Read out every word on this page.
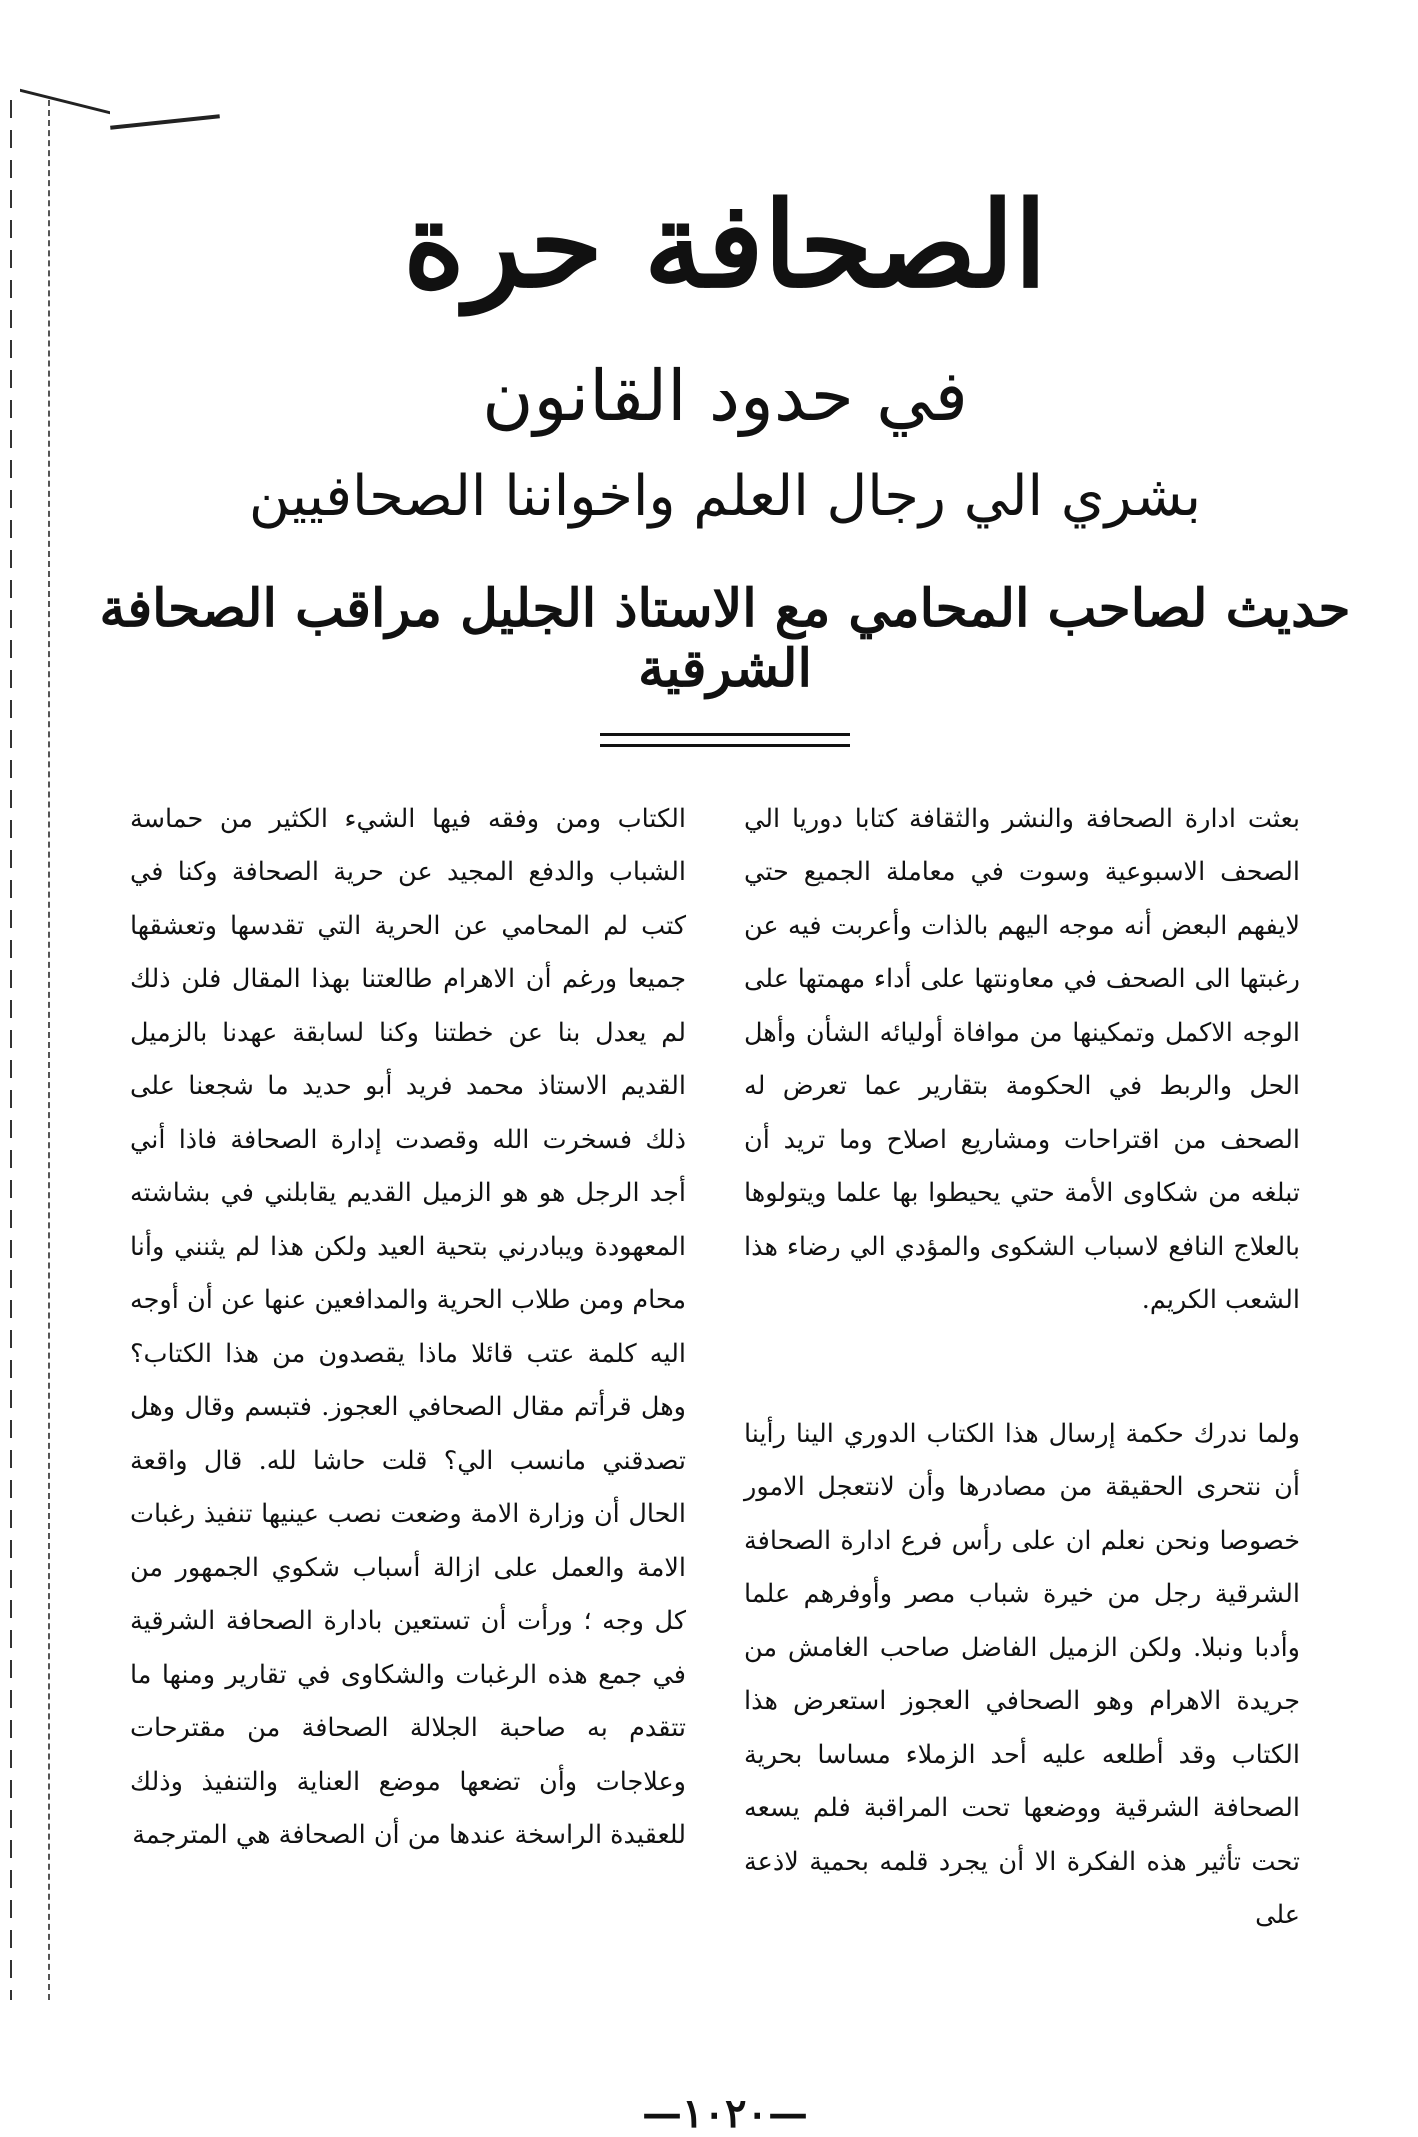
الصحافة حرة
في حدود القانون
بشري الي رجال العلم واخواننا الصحافيين
حديث لصاحب المحامي مع الاستاذ الجليل مراقب الصحافة الشرقية

بعثت ادارة الصحافة والنشر والثقافة كتابا دوريا الي الصحف الاسبوعية وسوت في معاملة الجميع حتي لايفهم البعض أنه موجه اليهم بالذات وأعربت فيه عن رغبتها الى الصحف في معاونتها على أداء مهمتها على الوجه الاكمل وتمكينها من موافاة أوليائه الشأن وأهل الحل والربط في الحكومة بتقارير عما تعرض له الصحف من اقتراحات ومشاريع اصلاح وما تريد أن تبلغه من شكاوى الأمة حتي يحيطوا بها علما ويتولوها بالعلاج النافع لاسباب الشكوى والمؤدي الي رضاء هذا الشعب الكريم.

ولما ندرك حكمة إرسال هذا الكتاب الدوري الينا رأينا أن نتحرى الحقيقة من مصادرها وأن لانتعجل الامور خصوصا ونحن نعلم ان على رأس فرع ادارة الصحافة الشرقية رجل من خيرة شباب مصر وأوفرهم علما وأدبا ونبلا. ولكن الزميل الفاضل صاحب الغامش من جريدة الاهرام وهو الصحافي العجوز استعرض هذا الكتاب وقد أطلعه عليه أحد الزملاء مساسا بحرية الصحافة الشرقية ووضعها تحت المراقبة فلم يسعه تحت تأثير هذه الفكرة الا أن يجرد قلمه بحمية لاذعة على

الكتاب ومن وفقه فيها الشيء الكثير من حماسة الشباب والدفع المجيد عن حرية الصحافة وكنا في كتب لم المحامي عن الحرية التي تقدسها وتعشقها جميعا ورغم أن الاهرام طالعتنا بهذا المقال فلن ذلك لم يعدل بنا عن خطتنا وكنا لسابقة عهدنا بالزميل القديم الاستاذ محمد فريد أبو حديد ما شجعنا على ذلك فسخرت الله وقصدت إدارة الصحافة فاذا أني أجد الرجل هو هو الزميل القديم يقابلني في بشاشته المعهودة ويبادرني بتحية العيد ولكن هذا لم يثنني وأنا محام ومن طلاب الحرية والمدافعين عنها عن أن أوجه اليه كلمة عتب قائلا ماذا يقصدون من هذا الكتاب؟ وهل قرأتم مقال الصحافي العجوز. فتبسم وقال وهل تصدقني مانسب الي؟ قلت حاشا لله. قال واقعة الحال أن وزارة الامة وضعت نصب عينيها تنفيذ رغبات الامة والعمل على ازالة أسباب شكوي الجمهور من كل وجه ؛ ورأت أن تستعين بادارة الصحافة الشرقية في جمع هذه الرغبات والشكاوى في تقارير ومنها ما تتقدم به صاحبة الجلالة الصحافة من مقترحات وعلاجات وأن تضعها موضع العناية والتنفيذ وذلك للعقيدة الراسخة عندها من أن الصحافة هي المترجمة

—١٠٢٠—
